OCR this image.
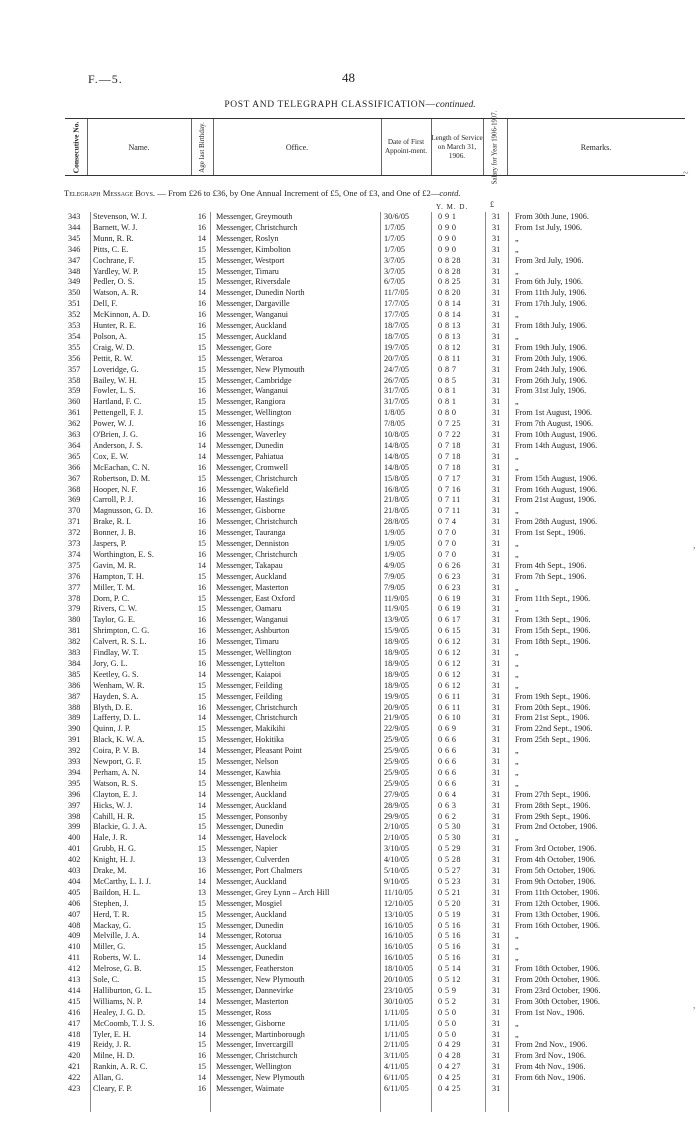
F.—5.	48
POST AND TELEGRAPH CLASSIFICATION—continued.
Consecutive No.	Name.	Age last Birthday.	Office.
Date of First Appoint-ment.
Length of Service on March 31, 1906.	Salary for Year 1906-1907.	Remarks.
Telegraph Message Boys. — From £26 to £36, by One Annual Increment of £5, One of £3, and One of £2—contd.
Y. M. D.	£
343 Stevenson, W. J.	16 Messenger, Greymouth	30/6/05	0 9 1	31 From 30th June, 1906.
344 Barnett, W. J.	16 Messenger, Christchurch	1/7/05	0 9 0	31 From 1st July, 1906.
345 Munn, R. R.	14 Messenger, Roslyn	1/7/05	0 9 0	31 „
346 Pitts, C. E.	15 Messenger, Kimbolton	1/7/05	0 9 0	31 „
347 Cochrane, F.	15 Messenger, Westport	3/7/05	0 8 28	31 From 3rd July, 1906.
348 Yardley, W. P.	15 Messenger, Timaru	3/7/05	0 8 28	31 „
349 Pedler, O. S.	15 Messenger, Riversdale	6/7/05	0 8 25	31 From 6th July, 1906.
350 Watson, A. R.	14 Messenger, Dunedin North	11/7/05	0 8 20	31 From 11th July, 1906.
351 Dell, F.	16 Messenger, Dargaville	17/7/05	0 8 14	31 From 17th July, 1906.
352 McKinnon, A. D.	16 Messenger, Wanganui	17/7/05	0 8 14	31 „
353 Hunter, R. E.	16 Messenger, Auckland	18/7/05	0 8 13	31 From 18th July, 1906.
354 Polson, A.	15 Messenger, Auckland	18/7/05	0 8 13	31 „
355 Craig, W. D.	15 Messenger, Gore	19/7/05	0 8 12	31 From 19th July, 1906.
356 Pettit, R. W.	15 Messenger, Weraroa	20/7/05	0 8 11	31 From 20th July, 1906.
357 Loveridge, G.	15 Messenger, New Plymouth	24/7/05	0 8 7	31 From 24th July, 1906.
358 Bailey, W. H.	15 Messenger, Cambridge	26/7/05	0 8 5	31 From 26th July, 1906.
359 Fowler, L. S.	16 Messenger, Wanganui	31/7/05	0 8 1	31 From 31st July, 1906.
360 Hartland, F. C.	15 Messenger, Rangiora	31/7/05	0 8 1	31 „
361 Pettengell, F. J.	15 Messenger, Wellington	1/8/05	0 8 0	31 From 1st August, 1906.
362 Power, W. J.	16 Messenger, Hastings	7/8/05	0 7 25	31 From 7th August, 1906.
363 O'Brien, J. G.	16 Messenger, Waverley	10/8/05	0 7 22	31 From 10th August, 1906.
364 Anderson, J. S.	14 Messenger, Dunedin	14/8/05	0 7 18	31 From 14th August, 1906.
365 Cox, E. W.	14 Messenger, Pahiatua	14/8/05	0 7 18	31 „
366 McEachan, C. N.	16 Messenger, Cromwell	14/8/05	0 7 18	31 „
367 Robertson, D. M.	15 Messenger, Christchurch	15/8/05	0 7 17	31 From 15th August, 1906.
368 Hooper, N. F.	16 Messenger, Wakefield	16/8/05	0 7 16	31 From 16th August, 1906.
369 Carroll, P. J.	16 Messenger, Hastings	21/8/05	0 7 11	31 From 21st August, 1906.
370 Magnusson, G. D.	16 Messenger, Gisborne	21/8/05	0 7 11	31 „
371 Brake, R. I.	16 Messenger, Christchurch	28/8/05	0 7 4	31 From 28th August, 1906.
372 Bonner, J. B.	16 Messenger, Tauranga	1/9/05	0 7 0	31 From 1st Sept., 1906.
373 Jaspers, P.	15 Messenger, Denniston	1/9/05	0 7 0	31 „
374 Worthington, E. S.	16 Messenger, Christchurch	1/9/05	0 7 0	31 „
375 Gavin, M. R.	14 Messenger, Takapau	4/9/05	0 6 26	31 From 4th Sept., 1906.
376 Hampton, T. H.	15 Messenger, Auckland	7/9/05	0 6 23	31 From 7th Sept., 1906.
377 Miller, T. M.	16 Messenger, Masterton	7/9/05	0 6 23	31 „
378 Dorn, P. C.	15 Messenger, East Oxford	11/9/05	0 6 19	31 From 11th Sept., 1906.
379 Rivers, C. W.	15 Messenger, Oamaru	11/9/05	0 6 19	31 „
380 Taylor, G. E.	16 Messenger, Wanganui	13/9/05	0 6 17	31 From 13th Sept., 1906.
381 Shrimpton, C. G.	16 Messenger, Ashburton	15/9/05	0 6 15	31 From 15th Sept., 1906.
382 Calvert, R. S. L.	16 Messenger, Timaru	18/9/05	0 6 12	31 From 18th Sept., 1906.
383 Findlay, W. T.	15 Messenger, Wellington	18/9/05	0 6 12	31 „
384 Jory, G. L.	16 Messenger, Lyttelton	18/9/05	0 6 12	31 „
385 Keetley, G. S.	14 Messenger, Kaiapoi	18/9/05	0 6 12	31 „
386 Wenham, W. R.	15 Messenger, Feilding	18/9/05	0 6 12	31 „
387 Hayden, S. A.	15 Messenger, Feilding	19/9/05	0 6 11	31 From 19th Sept., 1906.
388 Blyth, D. E.	16 Messenger, Christchurch	20/9/05	0 6 11	31 From 20th Sept., 1906.
389 Lafferty, D. L.	14 Messenger, Christchurch	21/9/05	0 6 10	31 From 21st Sept., 1906.
390 Quinn, J. P.	15 Messenger, Makikihi	22/9/05	0 6 9	31 From 22nd Sept., 1906.
391 Black, K. W. A.	15 Messenger, Hokitika	25/9/05	0 6 6	31 From 25th Sept., 1906.
392 Coira, P. V. B.	14 Messenger, Pleasant Point	25/9/05	0 6 6	31 „
393 Newport, G. F.	15 Messenger, Nelson	25/9/05	0 6 6	31 „
394 Perham, A. N.	14 Messenger, Kawhia	25/9/05	0 6 6	31 „
395 Watson, R. S.	15 Messenger, Blenheim	25/9/05	0 6 6	31 „
396 Clayton, E. J.	14 Messenger, Auckland	27/9/05	0 6 4	31 From 27th Sept., 1906.
397 Hicks, W. J.	14 Messenger, Auckland	28/9/05	0 6 3	31 From 28th Sept., 1906.
398 Cahill, H. R.	15 Messenger, Ponsonby	29/9/05	0 6 2	31 From 29th Sept., 1906.
399 Blackie, G. J. A.	15 Messenger, Dunedin	2/10/05	0 5 30	31 From 2nd October, 1906.
400 Hale, J. R.	14 Messenger, Havelock	2/10/05	0 5 30	31 „
401 Grubb, H. G.	15 Messenger, Napier	3/10/05	0 5 29	31 From 3rd October, 1906.
402 Knight, H. J.	13 Messenger, Culverden	4/10/05	0 5 28	31 From 4th October, 1906.
403 Drake, M.	16 Messenger, Port Chalmers	5/10/05	0 5 27	31 From 5th October, 1906.
404 McCarthy, L. I. J.	14 Messenger, Auckland	9/10/05	0 5 23	31 From 9th October, 1906.
405 Baildon, H. L.	13 Messenger, Grey Lynn – Arch Hill	11/10/05	0 5 21	31 From 11th October, 1906.
406 Stephen, J.	15 Messenger, Mosgiel	12/10/05	0 5 20	31 From 12th October, 1906.
407 Herd, T. R.	15 Messenger, Auckland	13/10/05	0 5 19	31 From 13th October, 1906.
408 Mackay, G.	15 Messenger, Dunedin	16/10/05	0 5 16	31 From 16th October, 1906.
409 Melville, J. A.	14 Messenger, Rotorua	16/10/05	0 5 16	31 „
410 Miller, G.	15 Messenger, Auckland	16/10/05	0 5 16	31 „
411 Roberts, W. L.	14 Messenger, Dunedin	16/10/05	0 5 16	31 „
412 Melrose, G. B.	15 Messenger, Featherston	18/10/05	0 5 14	31 From 18th October, 1906.
413 Sole, C.	15 Messenger, New Plymouth	20/10/05	0 5 12	31 From 20th October, 1906.
414 Halliburton, G. L.	15 Messenger, Dannevirke	23/10/05	0 5 9	31 From 23rd October, 1906.
415 Williams, N. P.	14 Messenger, Masterton	30/10/05	0 5 2	31 From 30th October, 1906.
416 Healey, J. G. D.	15 Messenger, Ross	1/11/05	0 5 0	31 From 1st Nov., 1906.
417 McCoomb, T. J. S.	16 Messenger, Gisborne	1/11/05	0 5 0	31 „
418 Tyler, E. H.	14 Messenger, Martinborough	1/11/05	0 5 0	31 „
419 Reidy, J. R.	15 Messenger, Invercargill	2/11/05	0 4 29	31 From 2nd Nov., 1906.
420 Milne, H. D.	16 Messenger, Christchurch	3/11/05	0 4 28	31 From 3rd Nov., 1906.
421 Rankin, A. R. C.	15 Messenger, Wellington	4/11/05	0 4 27	31 From 4th Nov., 1906.
422 Allan, G.	14 Messenger, New Plymouth	6/11/05	0 4 25	31 From 6th Nov., 1906.
423 Cleary, F. P.	16 Messenger, Waimate	6/11/05	0 4 25	31
~
,
,
